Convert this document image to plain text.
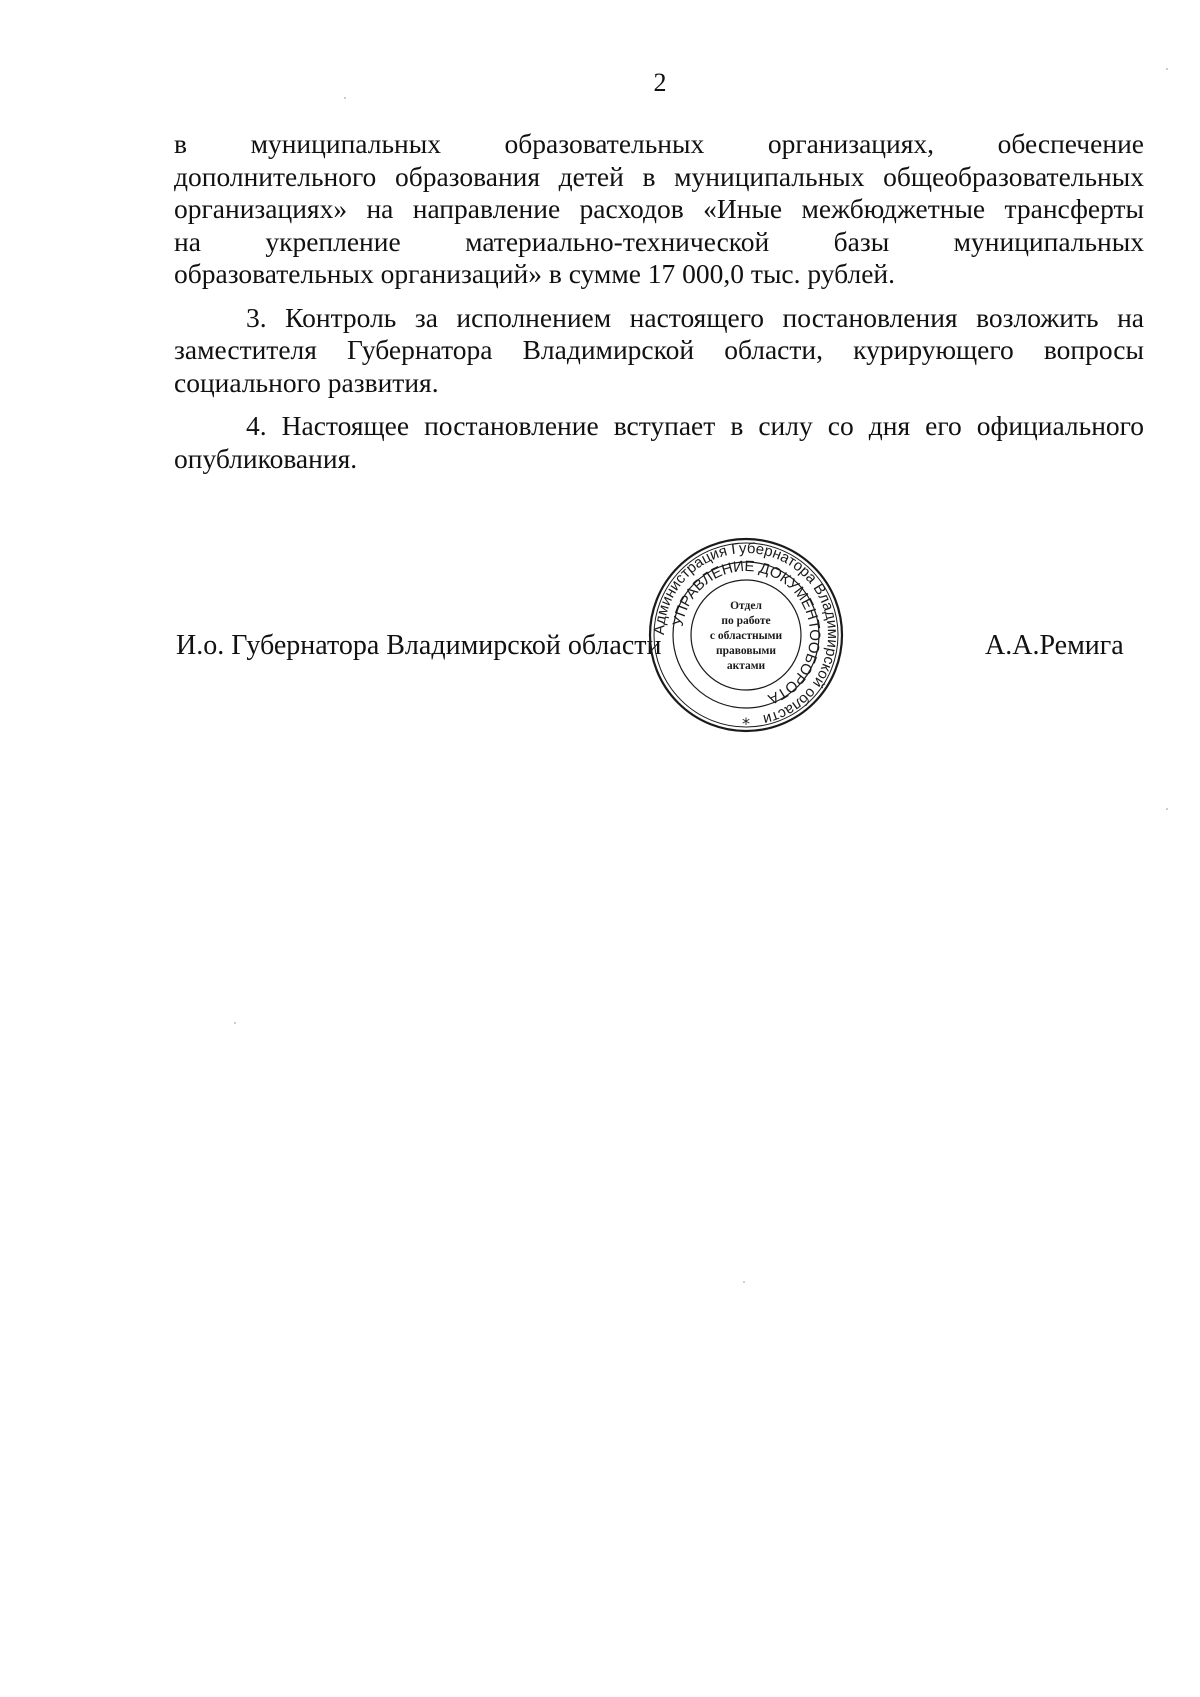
2

в муниципальных образовательных организациях, обеспечение
дополнительного образования детей в муниципальных общеобразовательных
организациях» на направление расходов «Иные межбюджетные трансферты
на укрепление материально-технической базы муниципальных
образовательных организаций» в сумме 17 000,0 тыс. рублей.

3. Контроль за исполнением настоящего постановления возложить на заместителя Губернатора Владимирской области, курирующего вопросы социального развития.

4. Настоящее постановление вступает в силу со дня его официального опубликования.

И.о. Губернатора Владимирской области	А.А.Ремига
Администрация Губернатора Владимирской области
УПРАВЛЕНИЕ ДОКУМЕНТООБОРОТА
Отдел
по работе
с областными
правовыми
актами
*
